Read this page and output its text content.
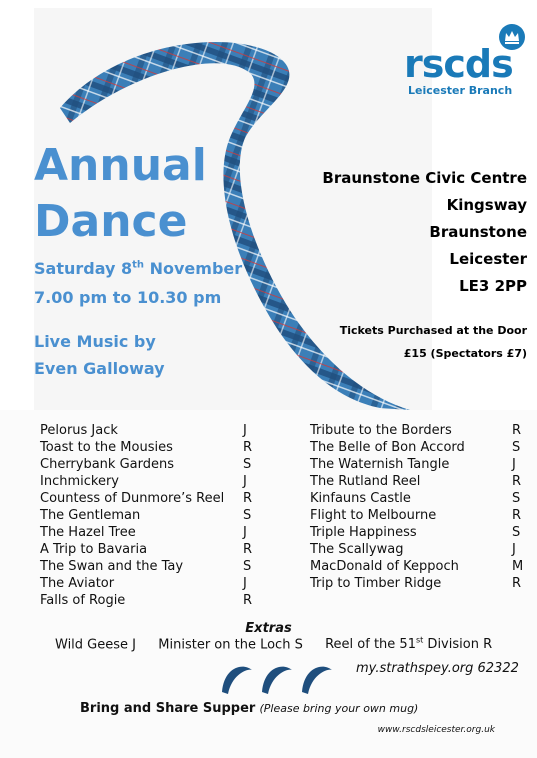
rscds
Leicester Branch
Annual
Dance
Saturday 8th November
7.00 pm to 10.30 pm
Live Music by
Even Galloway
Braunstone Civic Centre
Kingsway
Braunstone
Leicester
LE3 2PP
Tickets Purchased at the Door
£15 (Spectators £7)
Pelorus Jack	J
Toast to the Mousies	R
Cherrybank Gardens	S
Inchmickery	J
Countess of Dunmore’s Reel R
The Gentleman	S
The Hazel Tree	J
A Trip to Bavaria	R
The Swan and the Tay	S
The Aviator	J
Falls of Rogie	R
Tribute to the Borders	R
The Belle of Bon Accord	S
The Waternish Tangle	J
The Rutland Reel	R
Kinfauns Castle	S
Flight to Melbourne	R
Triple Happiness	S
The Scallywag	J
MacDonald of Keppoch	M
Trip to Timber Ridge	R
Extras
Wild Geese J Minister on the Loch S Reel of the 51st Division R
my.strathspey.org 62322
Bring and Share Supper (Please bring your own mug)
www.rscdsleicester.org.uk
